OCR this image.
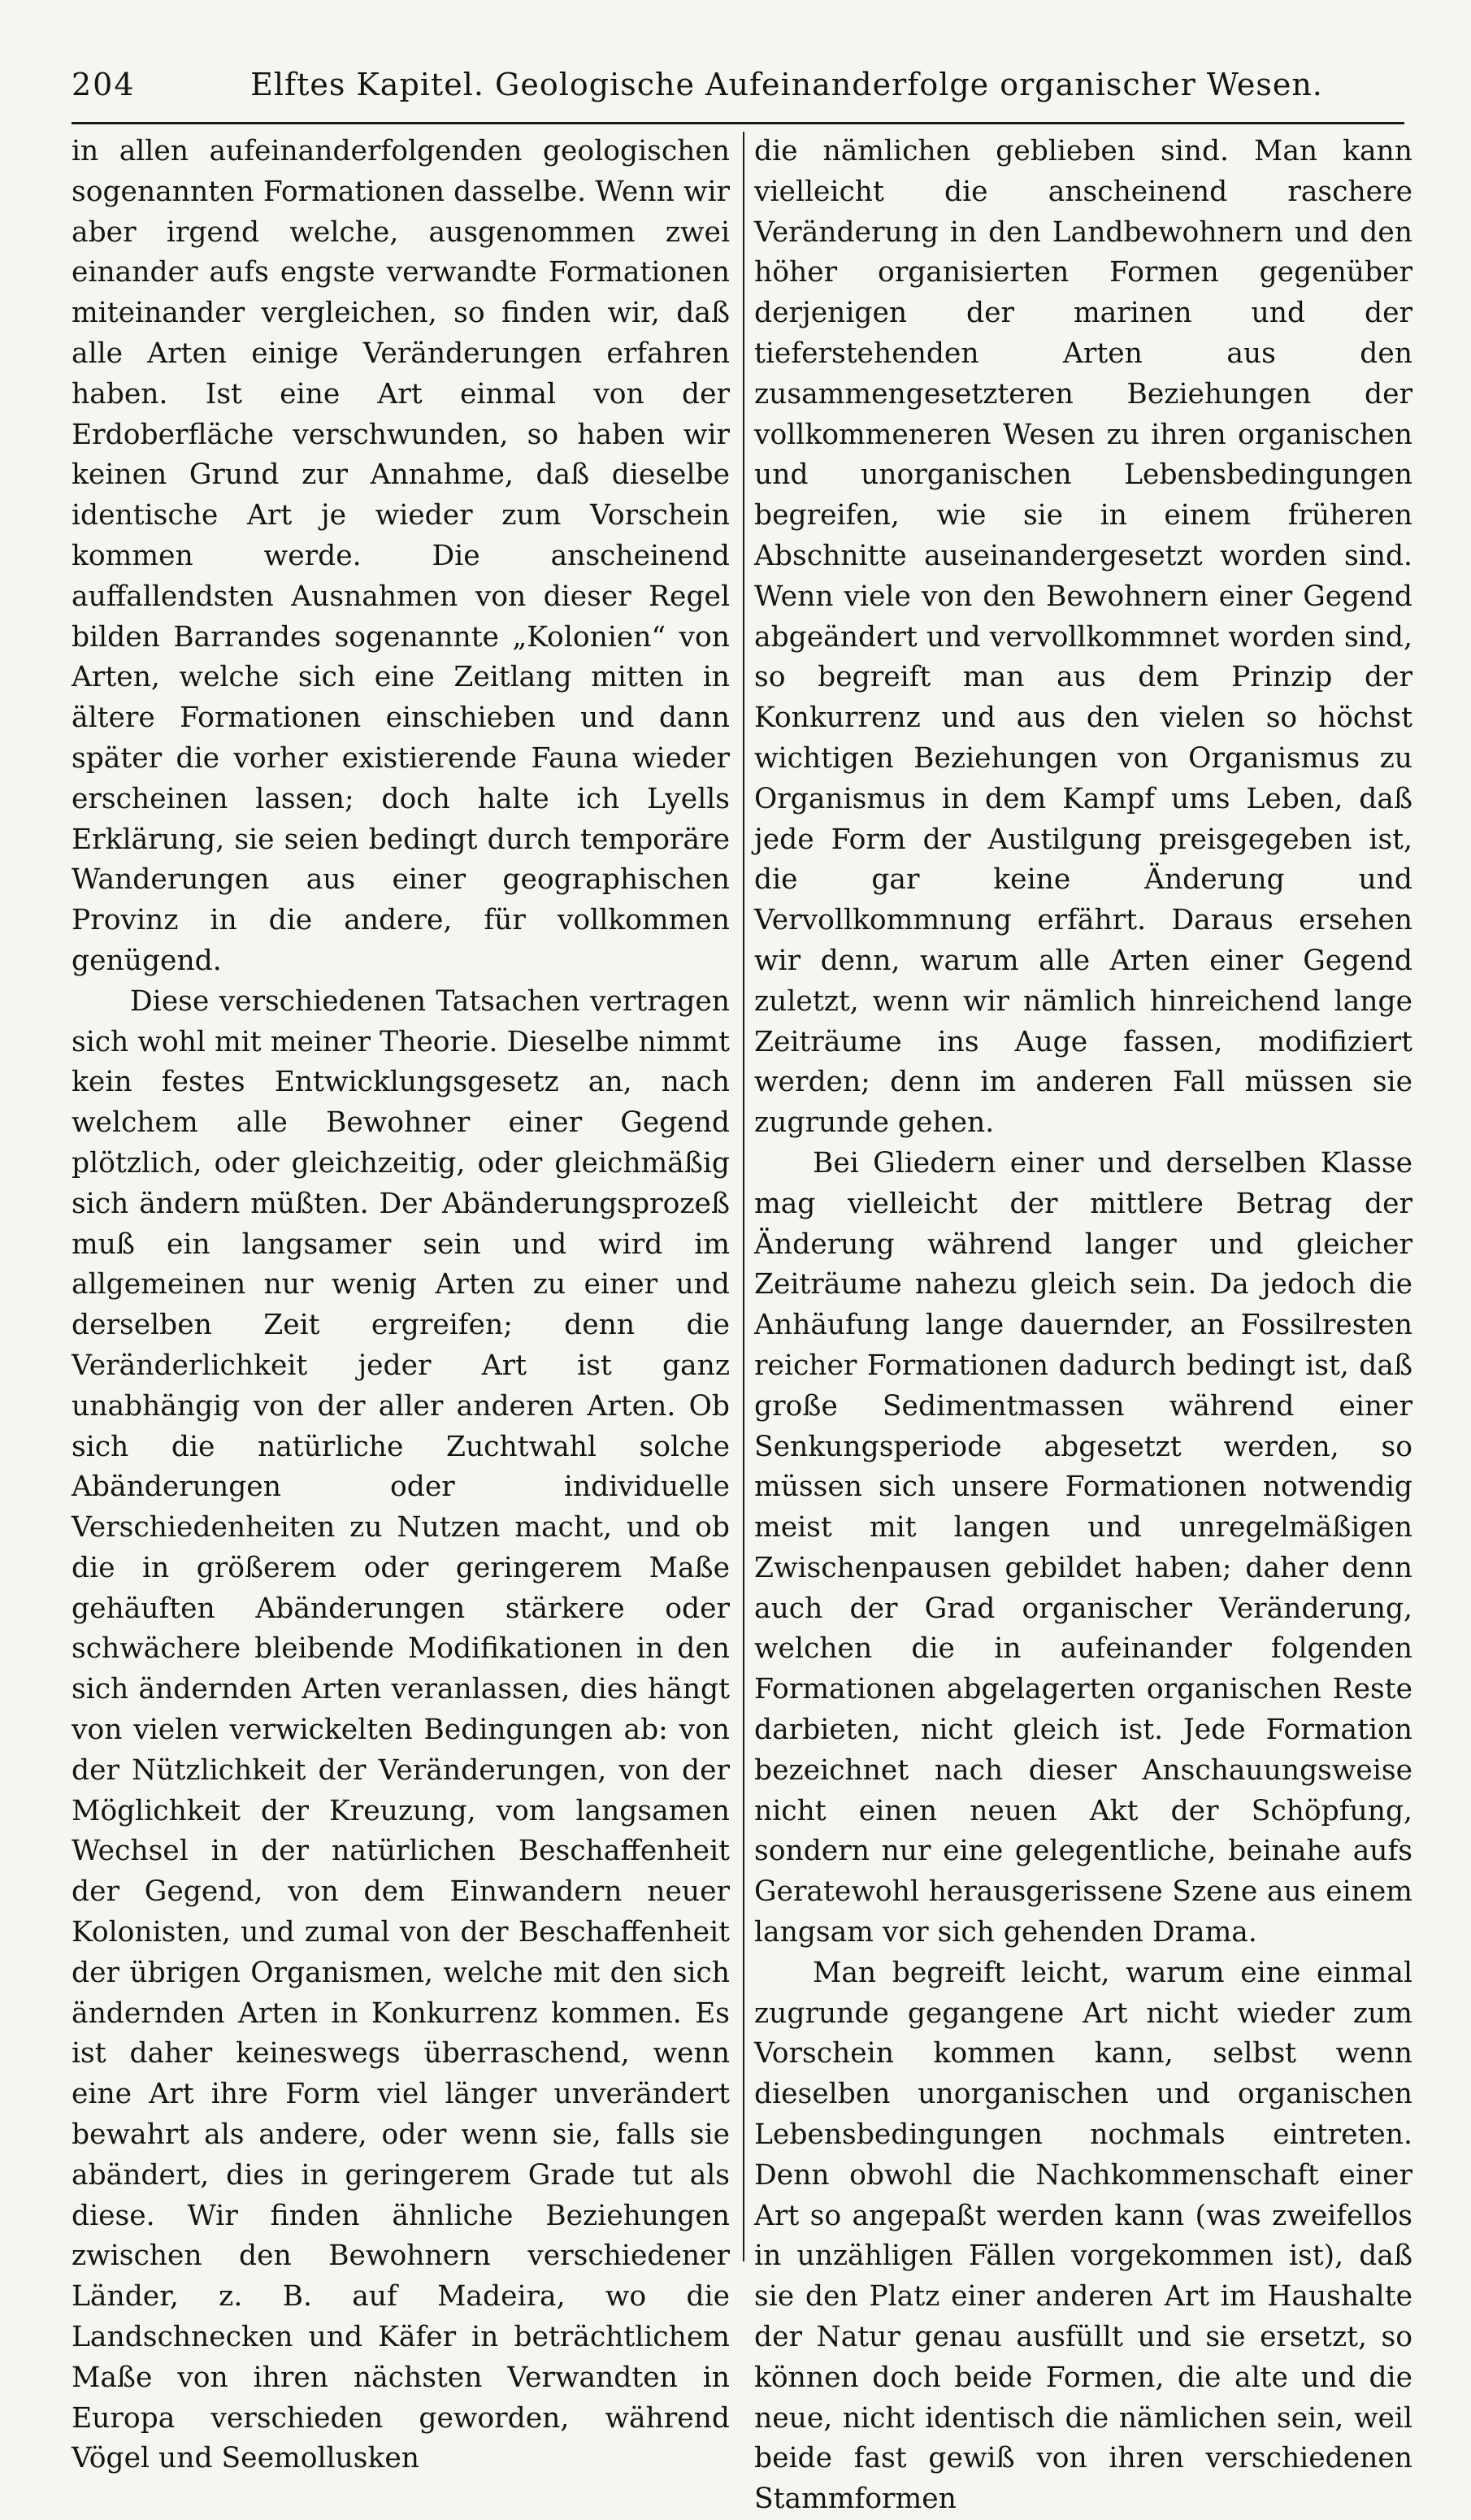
204	Elftes Kapitel. Geologische Aufeinanderfolge organischer Wesen.

in allen aufeinanderfolgenden geologischen sogenannten Formationen dasselbe. Wenn wir aber irgend welche, ausgenommen zwei einander aufs engste verwandte Formationen miteinander vergleichen, so finden wir, daß alle Arten einige Veränderungen erfahren haben. Ist eine Art einmal von der Erdoberfläche verschwunden, so haben wir keinen Grund zur Annahme, daß dieselbe identische Art je wieder zum Vorschein kommen werde. Die anscheinend auffallendsten Ausnahmen von dieser Regel bilden Barrandes sogenannte „Kolonien“ von Arten, welche sich eine Zeitlang mitten in ältere Formationen einschieben und dann später die vorher existierende Fauna wieder erscheinen lassen; doch halte ich Lyells Erklärung, sie seien bedingt durch temporäre Wanderungen aus einer geographischen Provinz in die andere, für vollkommen genügend.

Diese verschiedenen Tatsachen vertragen sich wohl mit meiner Theorie. Dieselbe nimmt kein festes Entwicklungsgesetz an, nach welchem alle Bewohner einer Gegend plötzlich, oder gleichzeitig, oder gleichmäßig sich ändern müßten. Der Abänderungsprozeß muß ein langsamer sein und wird im allgemeinen nur wenig Arten zu einer und derselben Zeit ergreifen; denn die Veränderlichkeit jeder Art ist ganz unabhängig von der aller anderen Arten. Ob sich die natürliche Zuchtwahl solche Abänderungen oder individuelle Verschiedenheiten zu Nutzen macht, und ob die in größerem oder geringerem Maße gehäuften Abänderungen stärkere oder schwächere bleibende Modifikationen in den sich ändernden Arten veranlassen, dies hängt von vielen verwickelten Bedingungen ab: von der Nützlichkeit der Veränderungen, von der Möglichkeit der Kreuzung, vom langsamen Wechsel in der natürlichen Beschaffenheit der Gegend, von dem Einwandern neuer Kolonisten, und zumal von der Beschaffenheit der übrigen Organismen, welche mit den sich ändernden Arten in Konkurrenz kommen. Es ist daher keineswegs überraschend, wenn eine Art ihre Form viel länger unverändert bewahrt als andere, oder wenn sie, falls sie abändert, dies in geringerem Grade tut als diese. Wir finden ähnliche Beziehungen zwischen den Bewohnern verschiedener Länder, z. B. auf Madeira, wo die Landschnecken und Käfer in beträchtlichem Maße von ihren nächsten Verwandten in Europa verschieden geworden, während Vögel und Seemollusken

die nämlichen geblieben sind. Man kann vielleicht die anscheinend raschere Veränderung in den Landbewohnern und den höher organisierten Formen gegenüber derjenigen der marinen und der tieferstehenden Arten aus den zusammengesetzteren Beziehungen der vollkommeneren Wesen zu ihren organischen und unorganischen Lebensbedingungen begreifen, wie sie in einem früheren Abschnitte auseinandergesetzt worden sind. Wenn viele von den Bewohnern einer Gegend abgeändert und vervollkommnet worden sind, so begreift man aus dem Prinzip der Konkurrenz und aus den vielen so höchst wichtigen Beziehungen von Organismus zu Organismus in dem Kampf ums Leben, daß jede Form der Austilgung preisgegeben ist, die gar keine Änderung und Vervollkommnung erfährt. Daraus ersehen wir denn, warum alle Arten einer Gegend zuletzt, wenn wir nämlich hinreichend lange Zeiträume ins Auge fassen, modifiziert werden; denn im anderen Fall müssen sie zugrunde gehen.

Bei Gliedern einer und derselben Klasse mag vielleicht der mittlere Betrag der Änderung während langer und gleicher Zeiträume nahezu gleich sein. Da jedoch die Anhäufung lange dauernder, an Fossilresten reicher Formationen dadurch bedingt ist, daß große Sedimentmassen während einer Senkungsperiode abgesetzt werden, so müssen sich unsere Formationen notwendig meist mit langen und unregelmäßigen Zwischenpausen gebildet haben; daher denn auch der Grad organischer Veränderung, welchen die in aufeinander folgenden Formationen abgelagerten organischen Reste darbieten, nicht gleich ist. Jede Formation bezeichnet nach dieser Anschauungsweise nicht einen neuen Akt der Schöpfung, sondern nur eine gelegentliche, beinahe aufs Geratewohl herausgerissene Szene aus einem langsam vor sich gehenden Drama.

Man begreift leicht, warum eine einmal zugrunde gegangene Art nicht wieder zum Vorschein kommen kann, selbst wenn dieselben unorganischen und organischen Lebensbedingungen nochmals eintreten. Denn obwohl die Nachkommenschaft einer Art so angepaßt werden kann (was zweifellos in unzähligen Fällen vorgekommen ist), daß sie den Platz einer anderen Art im Haushalte der Natur genau ausfüllt und sie ersetzt, so können doch beide Formen, die alte und die neue, nicht identisch die nämlichen sein, weil beide fast gewiß von ihren verschiedenen Stammformen
